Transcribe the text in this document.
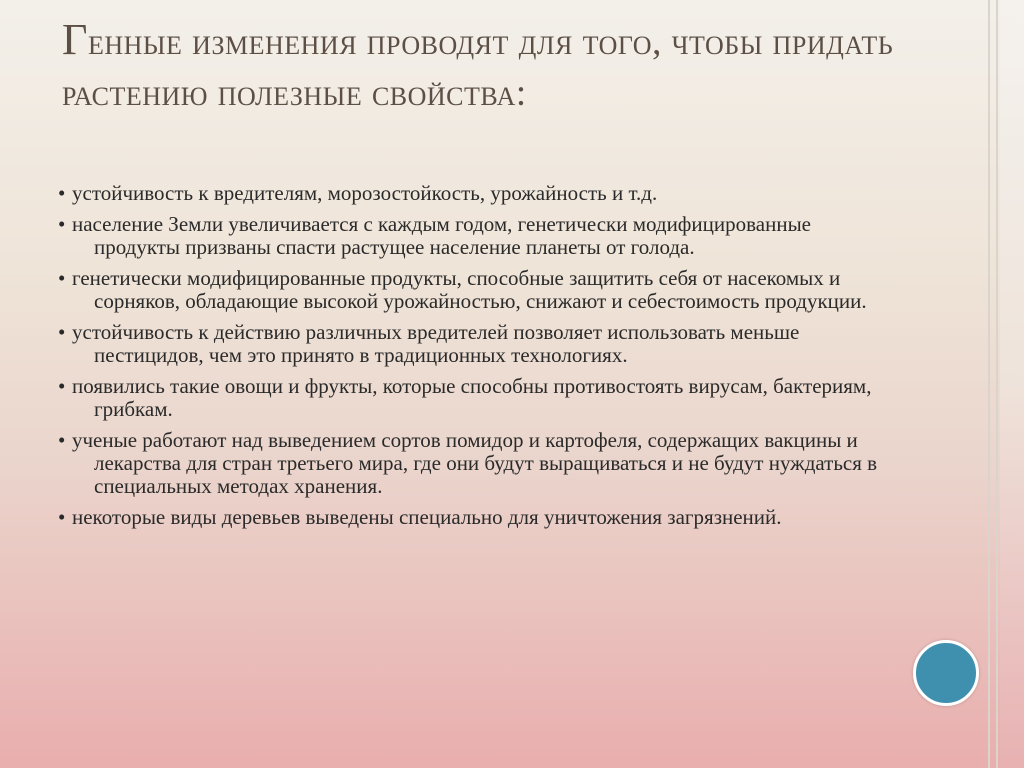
Генные изменения проводят для того, чтобы придать растению полезные свойства:
• устойчивость к вредителям, морозостойкость, урожайность и т.д.
• население Земли увеличивается с каждым годом, генетически модифицированные продукты призваны спасти растущее население планеты от голода.
• генетически модифицированные продукты, способные защитить себя от насекомых и сорняков, обладающие высокой урожайностью, снижают и себестоимость продукции.
• устойчивость к действию различных вредителей позволяет использовать меньше пестицидов, чем это принято в традиционных технологиях.
• появились такие овощи и фрукты, которые способны противостоять вирусам, бактериям, грибкам.
• ученые работают над выведением сортов помидор и картофеля, содержащих вакцины и лекарства для стран третьего мира, где они будут выращиваться и не будут нуждаться в специальных методах хранения.
• некоторые виды деревьев выведены специально для уничтожения загрязнений.
